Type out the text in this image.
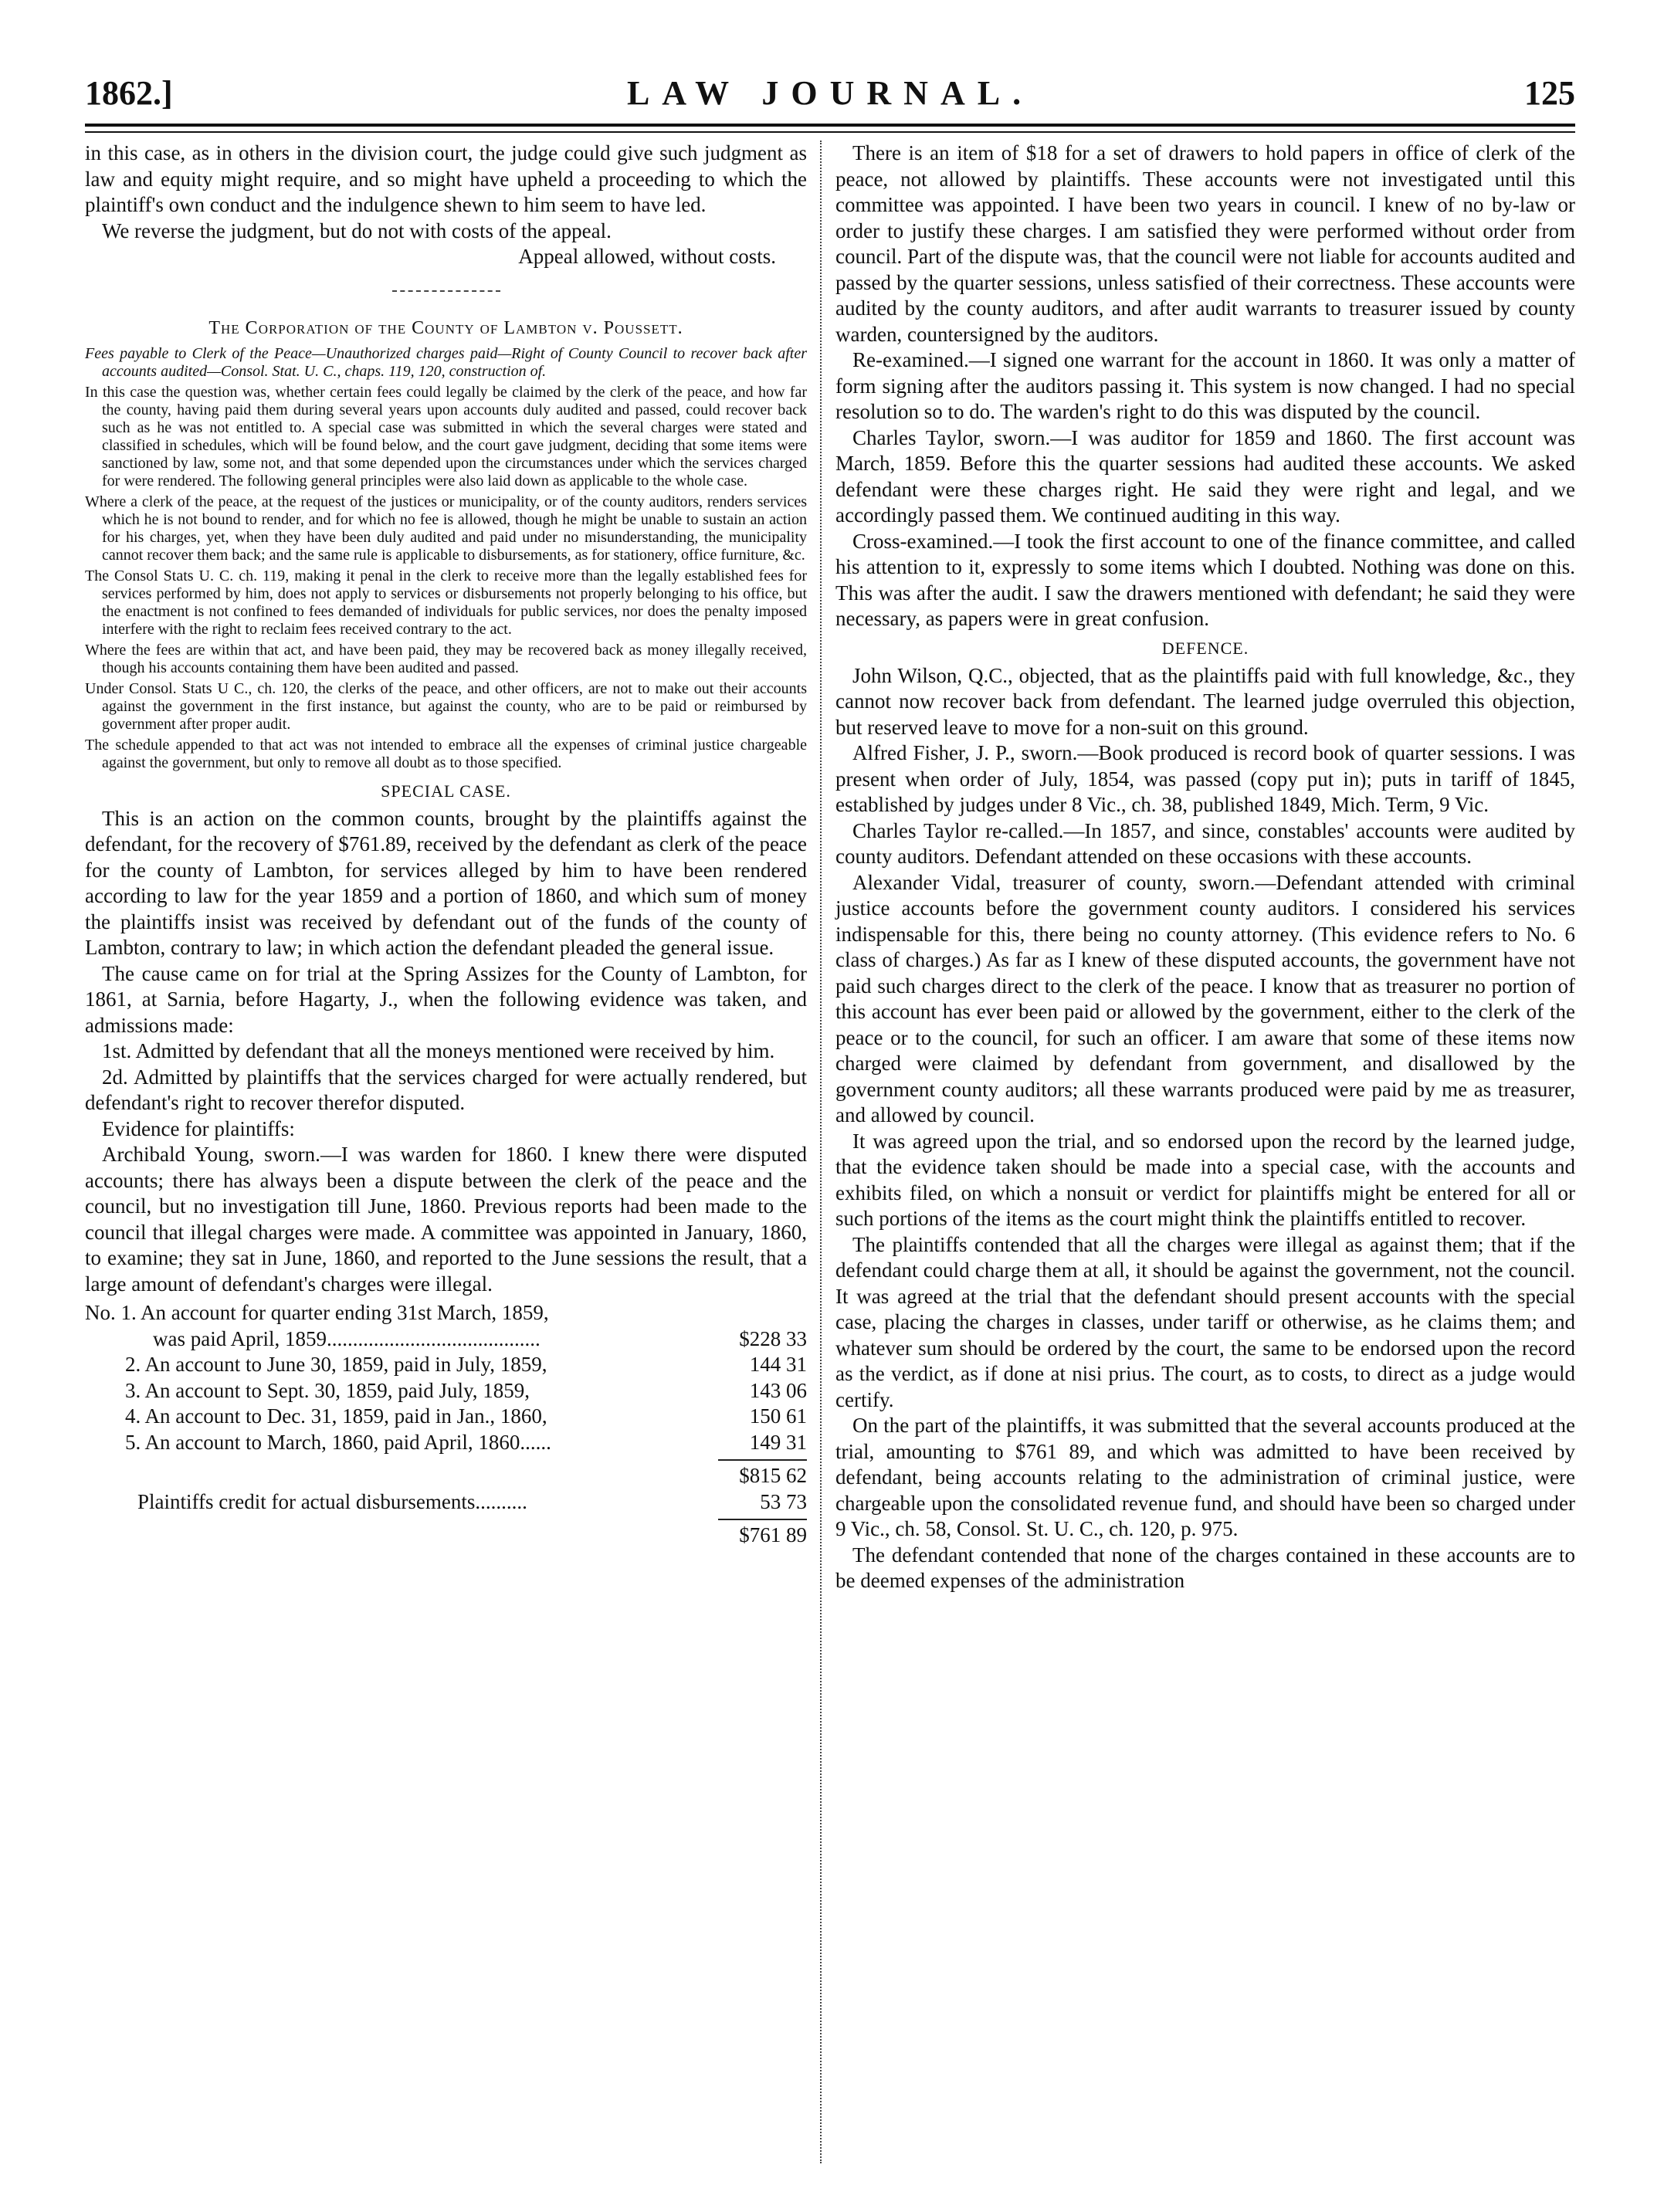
LAW JOURNAL.
1862.]	125

in this case, as in others in the division court, the judge could give such judgment as law and equity might require, and so might have upheld a proceeding to which the plaintiff's own conduct and the indulgence shewn to him seem to have led.

We reverse the judgment, but do not with costs of the appeal.

Appeal allowed, without costs.

The Corporation of the County of Lambton v. Poussett.

Fees payable to Clerk of the Peace—Unauthorized charges paid—Right of County Council to recover back after accounts audited—Consol. Stat. U. C., chaps. 119, 120, construction of.

In this case the question was, whether certain fees could legally be claimed by the clerk of the peace, and how far the county, having paid them during several years upon accounts duly audited and passed, could recover back such as he was not entitled to. A special case was submitted in which the several charges were stated and classified in schedules, which will be found below, and the court gave judgment, deciding that some items were sanctioned by law, some not, and that some depended upon the circumstances under which the services charged for were rendered. The following general principles were also laid down as applicable to the whole case.

Where a clerk of the peace, at the request of the justices or municipality, or of the county auditors, renders services which he is not bound to render, and for which no fee is allowed, though he might be unable to sustain an action for his charges, yet, when they have been duly audited and paid under no misunderstanding, the municipality cannot recover them back; and the same rule is applicable to disbursements, as for stationery, office furniture, &c.

The Consol Stats U. C. ch. 119, making it penal in the clerk to receive more than the legally established fees for services performed by him, does not apply to services or disbursements not properly belonging to his office, but the enactment is not confined to fees demanded of individuals for public services, nor does the penalty imposed interfere with the right to reclaim fees received contrary to the act.

Where the fees are within that act, and have been paid, they may be recovered back as money illegally received, though his accounts containing them have been audited and passed.

Under Consol. Stats U C., ch. 120, the clerks of the peace, and other officers, are not to make out their accounts against the government in the first instance, but against the county, who are to be paid or reimbursed by government after proper audit.

The schedule appended to that act was not intended to embrace all the expenses of criminal justice chargeable against the government, but only to remove all doubt as to those specified.

SPECIAL CASE.

This is an action on the common counts, brought by the plaintiffs against the defendant, for the recovery of $761.89, received by the defendant as clerk of the peace for the county of Lambton, for services alleged by him to have been rendered according to law for the year 1859 and a portion of 1860, and which sum of money the plaintiffs insist was received by defendant out of the funds of the county of Lambton, contrary to law; in which action the defendant pleaded the general issue.

The cause came on for trial at the Spring Assizes for the County of Lambton, for 1861, at Sarnia, before Hagarty, J., when the following evidence was taken, and admissions made:

1st. Admitted by defendant that all the moneys mentioned were received by him.

2d. Admitted by plaintiffs that the services charged for were actually rendered, but defendant's right to recover therefor disputed.

Evidence for plaintiffs:

Archibald Young, sworn.—I was warden for 1860. I knew there were disputed accounts; there has always been a dispute between the clerk of the peace and the council, but no investigation till June, 1860. Previous reports had been made to the council that illegal charges were made. A committee was appointed in January, 1860, to examine; they sat in June, 1860, and reported to the June sessions the result, that a large amount of defendant's charges were illegal.

No. 1. An account for quarter ending 31st March, 1859,
was paid April, 1859.........................................	$228 33
2. An account to June 30, 1859, paid in July, 1859,	144 31
3. An account to Sept. 30, 1859, paid July, 1859,	143 06
4. An account to Dec. 31, 1859, paid in Jan., 1860,	150 61
5. An account to March, 1860, paid April, 1860......	149 31
$815 62
Plaintiffs credit for actual disbursements..........	53 73
$761 89

There is an item of $18 for a set of drawers to hold papers in office of clerk of the peace, not allowed by plaintiffs. These accounts were not investigated until this committee was appointed. I have been two years in council. I knew of no by-law or order to justify these charges. I am satisfied they were performed without order from council. Part of the dispute was, that the council were not liable for accounts audited and passed by the quarter sessions, unless satisfied of their correctness. These accounts were audited by the county auditors, and after audit warrants to treasurer issued by county warden, countersigned by the auditors.

Re-examined.—I signed one warrant for the account in 1860. It was only a matter of form signing after the auditors passing it. This system is now changed. I had no special resolution so to do. The warden's right to do this was disputed by the council.

Charles Taylor, sworn.—I was auditor for 1859 and 1860. The first account was March, 1859. Before this the quarter sessions had audited these accounts. We asked defendant were these charges right. He said they were right and legal, and we accordingly passed them. We continued auditing in this way.

Cross-examined.—I took the first account to one of the finance committee, and called his attention to it, expressly to some items which I doubted. Nothing was done on this. This was after the audit. I saw the drawers mentioned with defendant; he said they were necessary, as papers were in great confusion.

DEFENCE.

John Wilson, Q.C., objected, that as the plaintiffs paid with full knowledge, &c., they cannot now recover back from defendant. The learned judge overruled this objection, but reserved leave to move for a non-suit on this ground.

Alfred Fisher, J. P., sworn.—Book produced is record book of quarter sessions. I was present when order of July, 1854, was passed (copy put in); puts in tariff of 1845, established by judges under 8 Vic., ch. 38, published 1849, Mich. Term, 9 Vic.

Charles Taylor re-called.—In 1857, and since, constables' accounts were audited by county auditors. Defendant attended on these occasions with these accounts.

Alexander Vidal, treasurer of county, sworn.—Defendant attended with criminal justice accounts before the government county auditors. I considered his services indispensable for this, there being no county attorney. (This evidence refers to No. 6 class of charges.) As far as I knew of these disputed accounts, the government have not paid such charges direct to the clerk of the peace. I know that as treasurer no portion of this account has ever been paid or allowed by the government, either to the clerk of the peace or to the council, for such an officer. I am aware that some of these items now charged were claimed by defendant from government, and disallowed by the government county auditors; all these warrants produced were paid by me as treasurer, and allowed by council.

It was agreed upon the trial, and so endorsed upon the record by the learned judge, that the evidence taken should be made into a special case, with the accounts and exhibits filed, on which a nonsuit or verdict for plaintiffs might be entered for all or such portions of the items as the court might think the plaintiffs entitled to recover.

The plaintiffs contended that all the charges were illegal as against them; that if the defendant could charge them at all, it should be against the government, not the council. It was agreed at the trial that the defendant should present accounts with the special case, placing the charges in classes, under tariff or otherwise, as he claims them; and whatever sum should be ordered by the court, the same to be endorsed upon the record as the verdict, as if done at nisi prius. The court, as to costs, to direct as a judge would certify.

On the part of the plaintiffs, it was submitted that the several accounts produced at the trial, amounting to $761 89, and which was admitted to have been received by defendant, being accounts relating to the administration of criminal justice, were chargeable upon the consolidated revenue fund, and should have been so charged under 9 Vic., ch. 58, Consol. St. U. C., ch. 120, p. 975.

The defendant contended that none of the charges contained in these accounts are to be deemed expenses of the administration
